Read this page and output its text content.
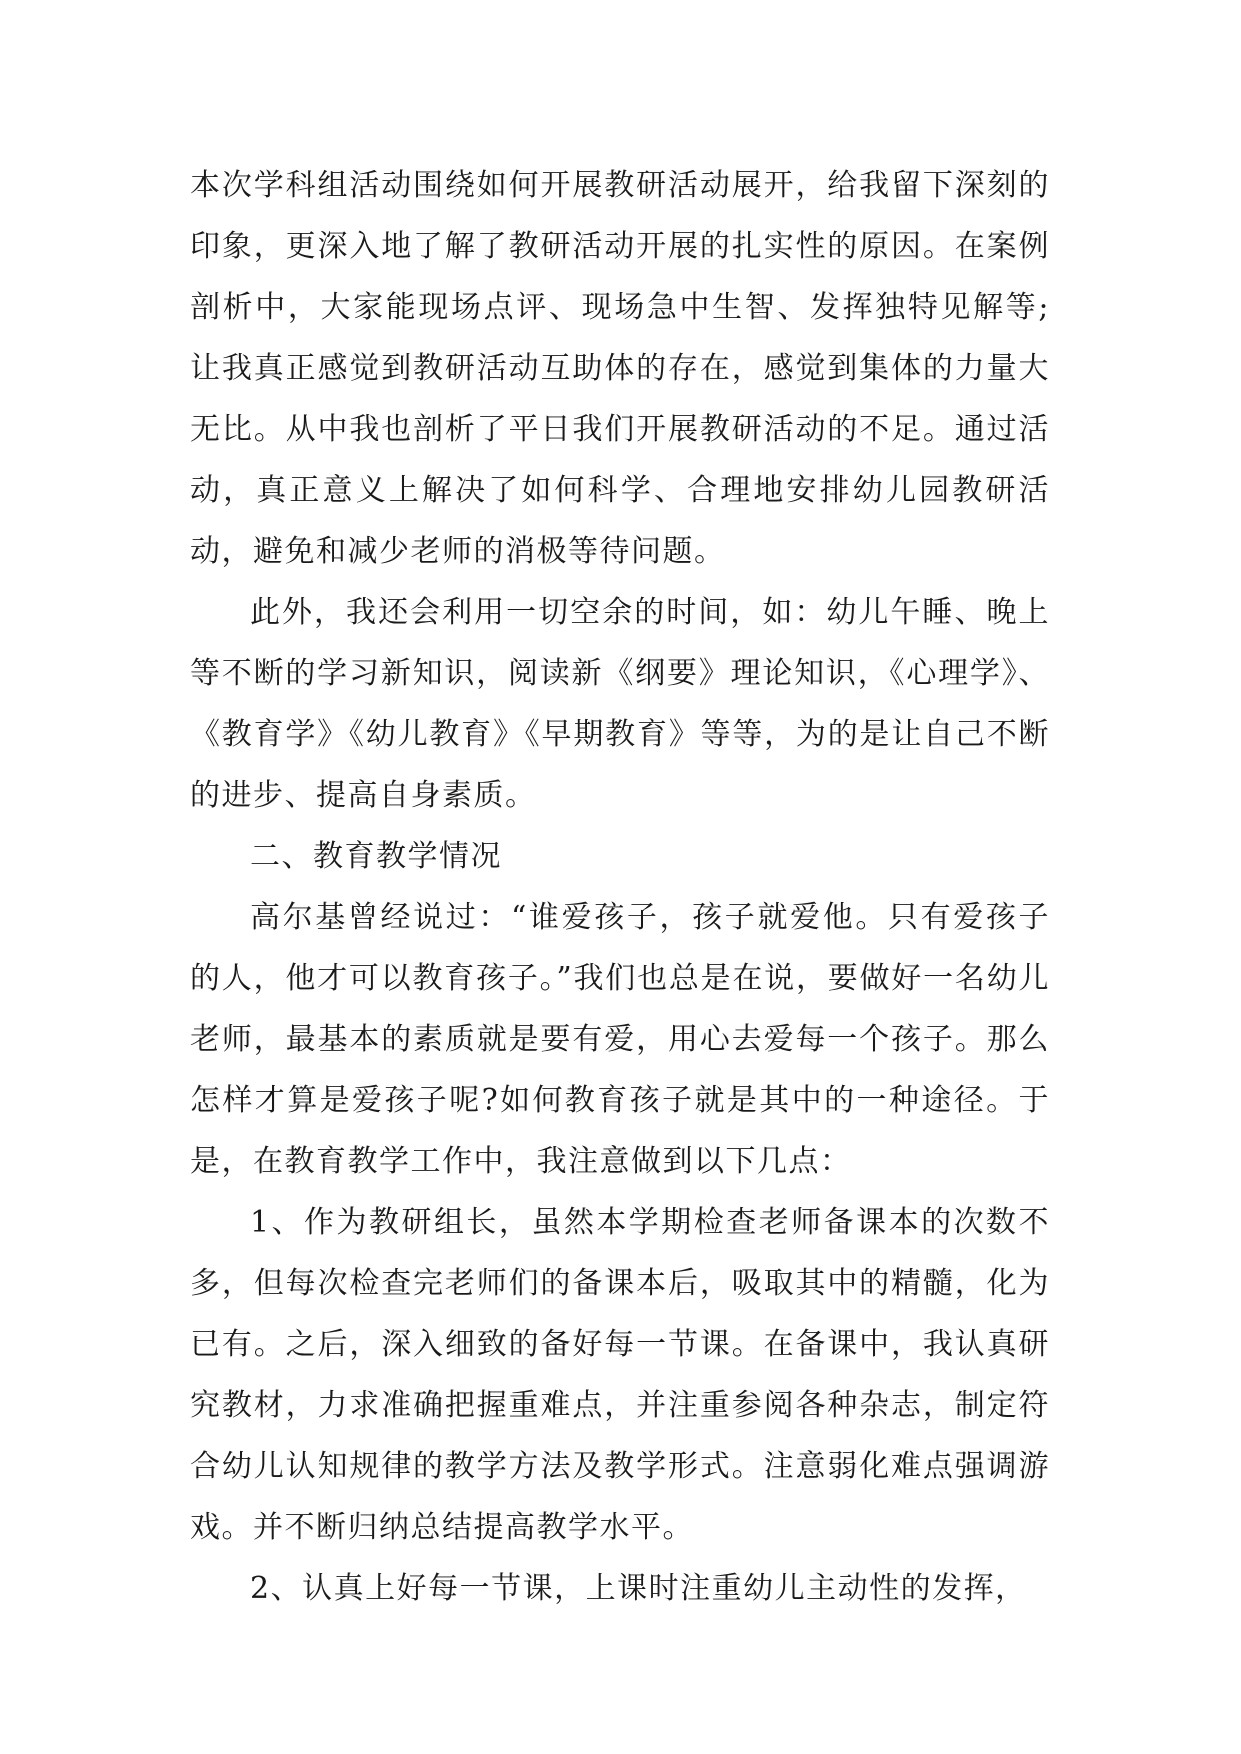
本次学科组活动围绕如何开展教研活动展开，给我留下深刻的印象，更深入地了解了教研活动开展的扎实性的原因。在案例剖析中，大家能现场点评、现场急中生智、发挥独特见解等;让我真正感觉到教研活动互助体的存在，感觉到集体的力量大无比。从中我也剖析了平日我们开展教研活动的不足。通过活动，真正意义上解决了如何科学、合理地安排幼儿园教研活动，避免和减少老师的消极等待问题。

此外，我还会利用一切空余的时间，如：幼儿午睡、晚上等不断的学习新知识，阅读新《纲要》理论知识，《心理学》、《教育学》《幼儿教育》《早期教育》等等，为的是让自己不断的进步、提高自身素质。

二、教育教学情况

高尔基曾经说过：“谁爱孩子，孩子就爱他。只有爱孩子的人，他才可以教育孩子。”我们也总是在说，要做好一名幼儿老师，最基本的素质就是要有爱，用心去爱每一个孩子。那么怎样才算是爱孩子呢?如何教育孩子就是其中的一种途径。于是，在教育教学工作中，我注意做到以下几点：

1、作为教研组长，虽然本学期检查老师备课本的次数不多，但每次检查完老师们的备课本后，吸取其中的精髓，化为已有。之后，深入细致的备好每一节课。在备课中，我认真研究教材，力求准确把握重难点，并注重参阅各种杂志，制定符合幼儿认知规律的教学方法及教学形式。注意弱化难点强调游戏。并不断归纳总结提高教学水平。

2、认真上好每一节课，上课时注重幼儿主动性的发挥，
